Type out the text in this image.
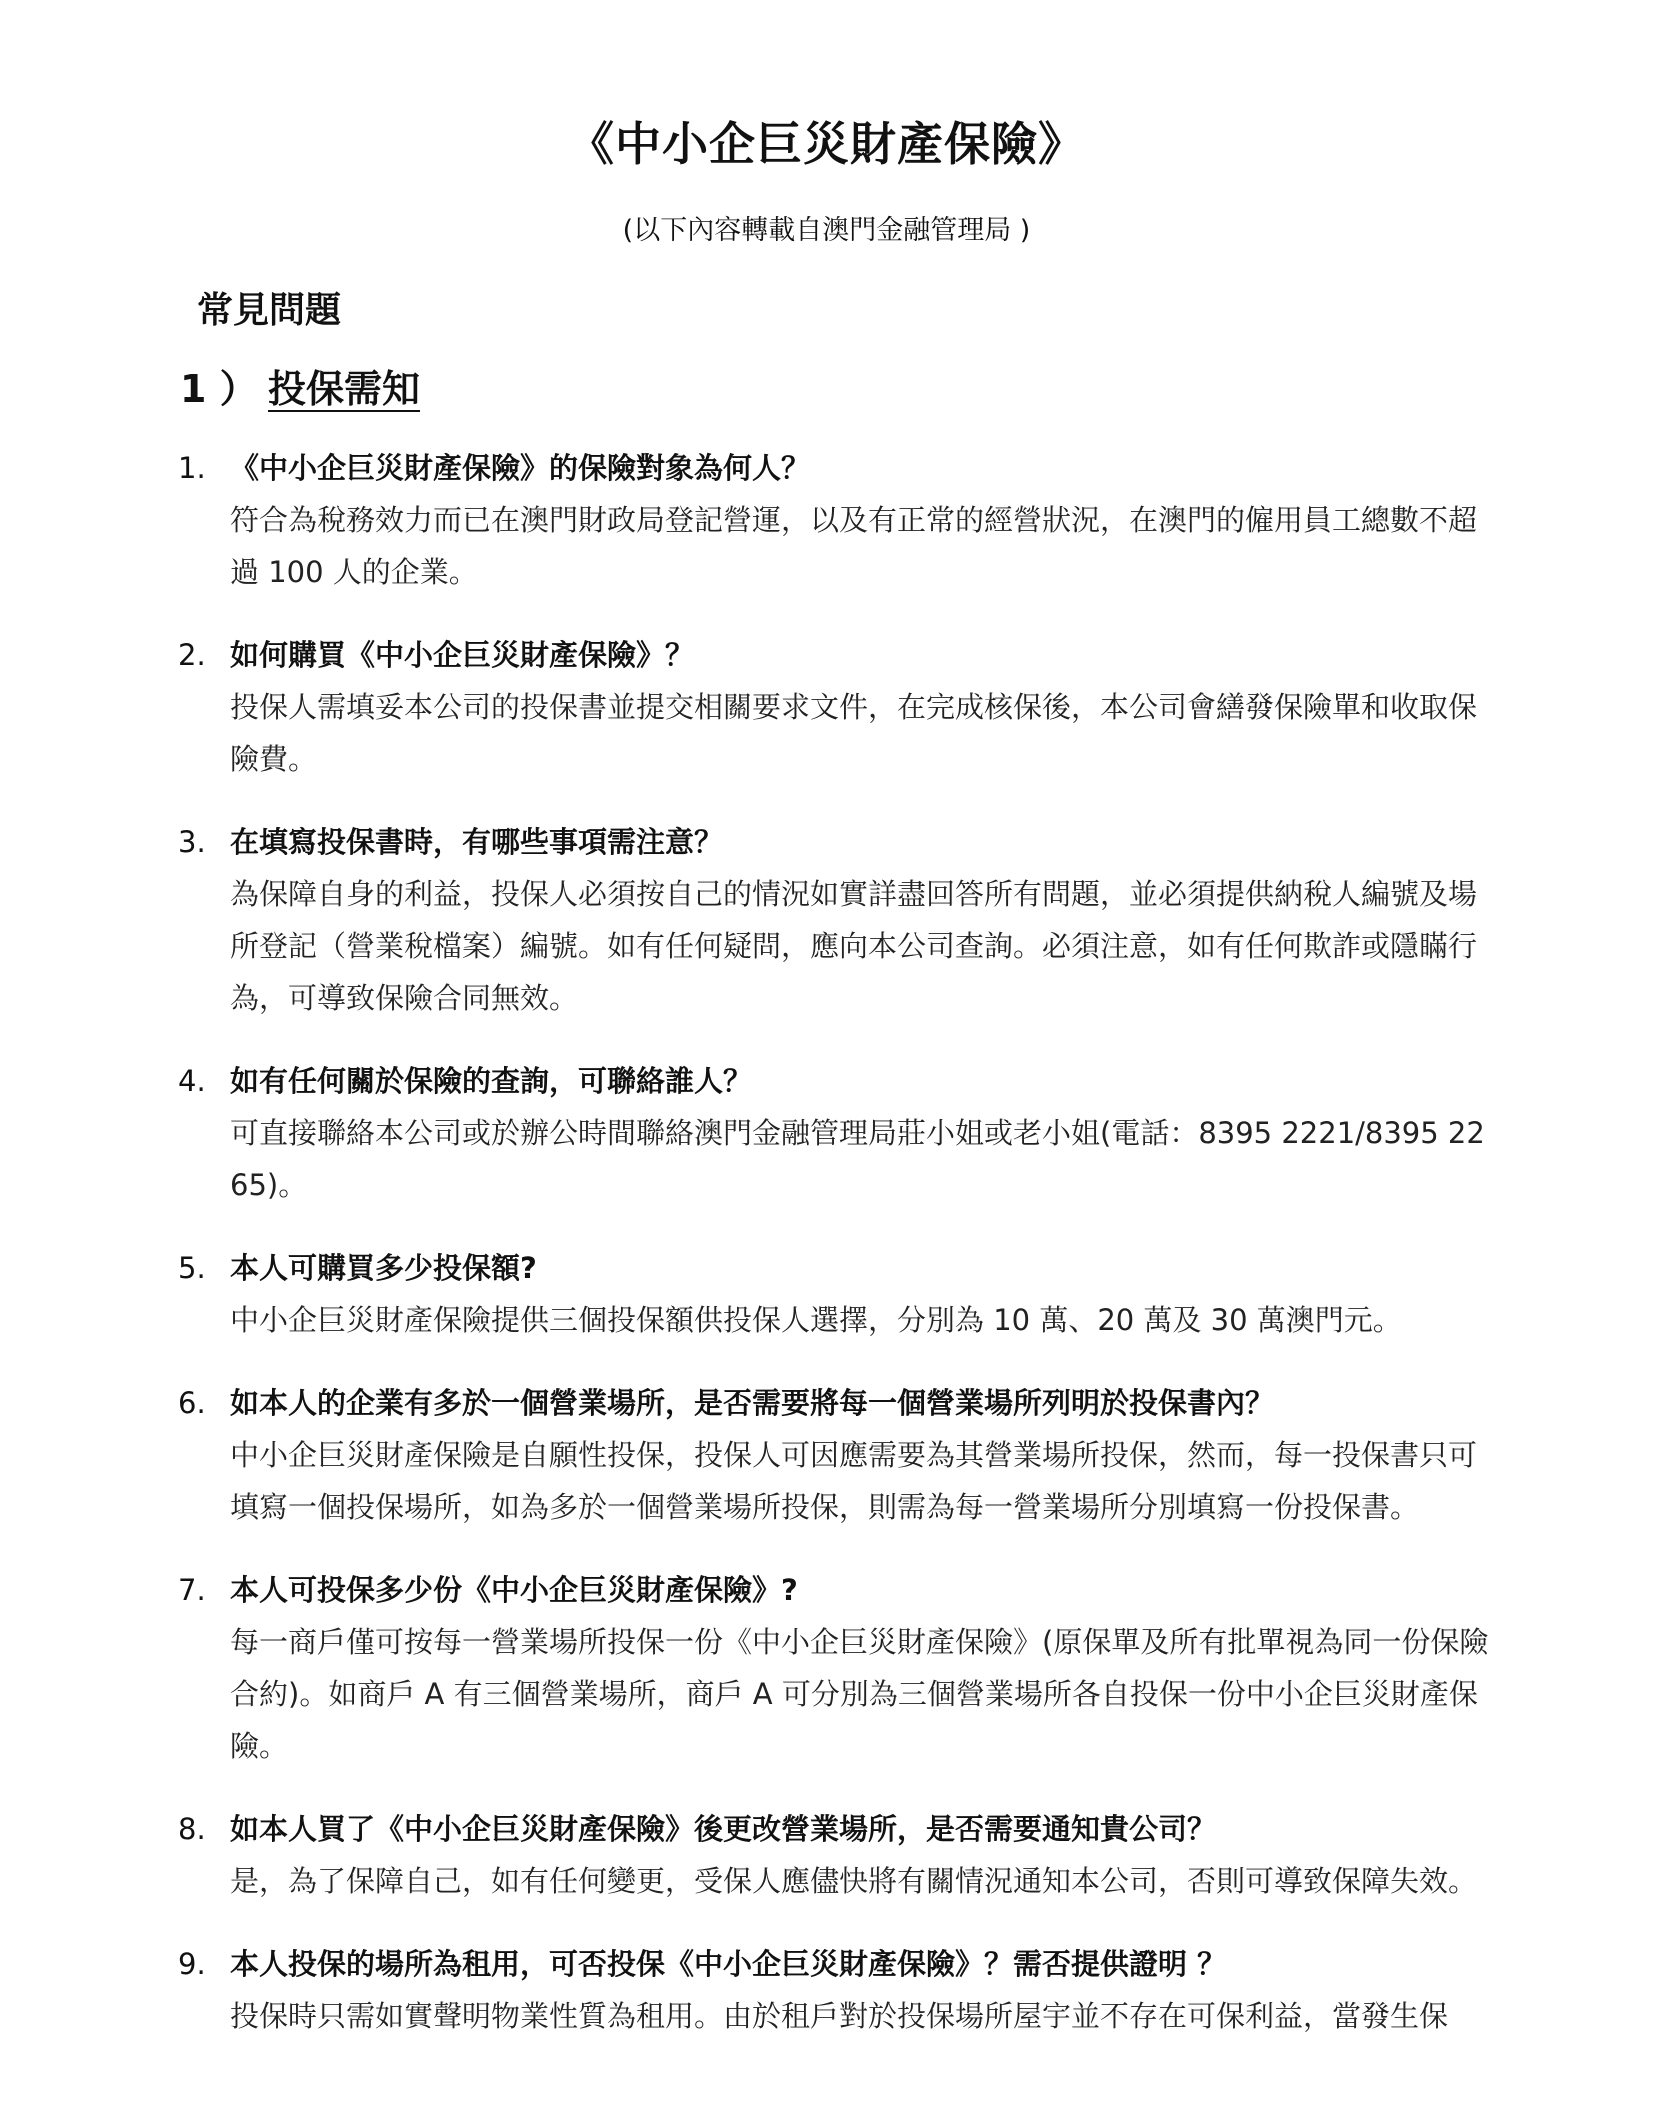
《中小企巨災財產保險》
(以下內容轉載自澳門金融管理局 )
常見問題
1 ） 投保需知
1. 《中小企巨災財產保險》的保險對象為何人？
符合為稅務效力而已在澳門財政局登記營運，以及有正常的經營狀況，在澳門的僱用員工總數不超過 100 人的企業。
2. 如何購買《中小企巨災財產保險》？
投保人需填妥本公司的投保書並提交相關要求文件，在完成核保後，本公司會繕發保險單和收取保險費。
3. 在填寫投保書時，有哪些事項需注意？
為保障自身的利益，投保人必須按自己的情況如實詳盡回答所有問題，並必須提供納稅人編號及場所登記（營業稅檔案）編號。如有任何疑問，應向本公司查詢。必須注意，如有任何欺詐或隱瞞行為，可導致保險合同無效。
4. 如有任何關於保險的查詢，可聯絡誰人？
可直接聯絡本公司或於辦公時間聯絡澳門金融管理局莊小姐或老小姐(電話：8395 2221/8395 2265)。
5. 本人可購買多少投保額?
中小企巨災財產保險提供三個投保額供投保人選擇，分別為 10 萬、20 萬及 30 萬澳門元。
6. 如本人的企業有多於一個營業場所，是否需要將每一個營業場所列明於投保書內？
中小企巨災財產保險是自願性投保，投保人可因應需要為其營業場所投保，然而，每一投保書只可填寫一個投保場所，如為多於一個營業場所投保，則需為每一營業場所分別填寫一份投保書。
7. 本人可投保多少份《中小企巨災財產保險》?
每一商戶僅可按每一營業場所投保一份《中小企巨災財產保險》(原保單及所有批單視為同一份保險合約)。如商戶 A 有三個營業場所，商戶 A 可分別為三個營業場所各自投保一份中小企巨災財產保險。
8. 如本人買了《中小企巨災財產保險》後更改營業場所，是否需要通知貴公司？
是，為了保障自己，如有任何變更，受保人應儘快將有關情況通知本公司，否則可導致保障失效。
9. 本人投保的場所為租用，可否投保《中小企巨災財產保險》？需否提供證明 ？
投保時只需如實聲明物業性質為租用。由於租戶對於投保場所屋宇並不存在可保利益，當發生保
